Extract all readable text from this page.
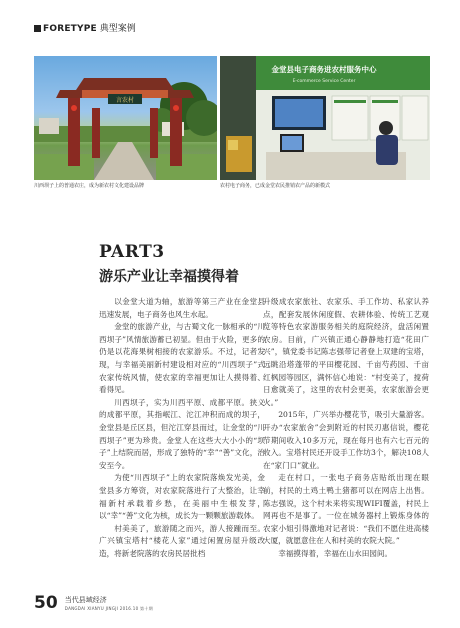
FORETYPE 典型案例
言农村
金堂县电子商务进农村服务中心
E-commerce Service Center
川西坝子上的普通农庄，成为新农村文化建设品牌	农村电子商务，已成金堂农民推销农产品的新模式
PART3
游乐产业让幸福摸得着

以金堂大道为轴，旅游等第三产业在金堂县迅速发展，电子商务也风生水起。

金堂的旅游产业，与古蜀文化一脉相承的“川西坝子”风情旅游蓄已初显。但由于火险，更多的仍是以花海果树相接的农家游乐。不过，记者发现，与幸福美丽新村建设相对应的“川西坝子”式农家传统风情，使农家的幸福更加让人摸得着、看得见。

川西坝子，实为川西平原、成都平原。狭义的成都平原，其指岷江、沱江冲积而成的坝子，金堂县是丘区县，但沱江穿县而过，让金堂的“川西坝子”更为珍贵。金堂人在这些大大小小的“坝子”上结院而居，形成了独特的“幸”“善”文化，治安至今。

为使“川西坝子”上的农家院落焕发光美，金堂县多方筹资，对农家院落进行了大整治，让幸福新村承载着乡愁，在美丽中生根发芽，以“幸”“善”文化为核，成长为一颗颗旅游载体。

村美美了，旅游随之而兴，游人接踵而至。广兴镇宝塔村“楼花人家”通过闲置房屋升级改造，将新老院落的农房民居批档

升级成农家旅社、农家乐、手工作坊、私家认养点，配套发展休闲度假、农耕体验、传统工艺观览等特色农家游服务相关的庭院经济，盘活闲置农房。目前，广兴镇正通心静静地打造“花田广兴”，镇党委书记陈志强带记者登上双建的宝塔，远眺沿塔蓬带的平田樱花园、千亩芍药园、千亩红枫园等园区，满怀信心地说：“村变美了，搅荷日愈就美了，这里的农村会更美，农家旅游会更火。”

2015年，广兴举办樱花节，吸引大量游客。开办“农家旅舍”会到附近的村民刃惠信说，樱花节期间收入10多万元，现在每月也有六七百元的收入。宝塔村民还开设手工作坊3个，解决108人在“家门口”就业。

走在村口，一张电子商务店贴纸出现在眼前，村民的土鸡土鸭土猪都可以在网店上出售。陈志强说，这个村未来将实现WIFI覆盖，村民上网再也不是事了。一位在城务器村上锻炼身体的农家小姐引得激地对记者说：“我们不愿住进高楼大厦，就愿意住在人和村美的农院大院。”

幸福摸得着，幸福在山水田园间。

50 当代县域经济
DANGDAI XIANYU JINGJI 2016.10 第十期
